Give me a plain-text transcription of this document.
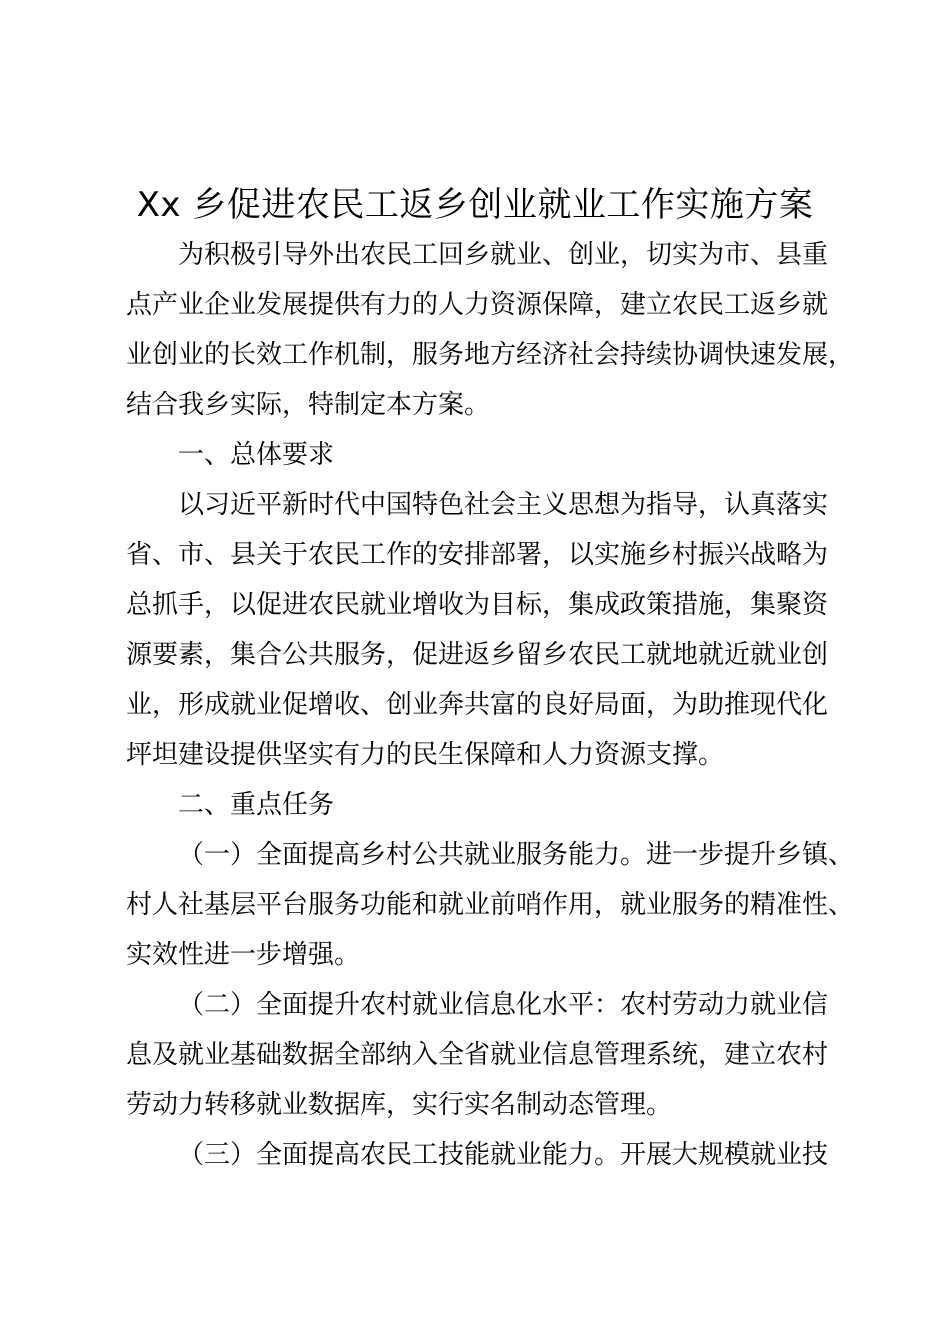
Xx 乡促进农民工返乡创业就业工作实施方案
为积极引导外出农民工回乡就业、创业，切实为市、县重
点产业企业发展提供有力的人力资源保障，建立农民工返乡就
业创业的长效工作机制，服务地方经济社会持续协调快速发展，
结合我乡实际，特制定本方案。
一、总体要求
以习近平新时代中国特色社会主义思想为指导，认真落实
省、市、县关于农民工作的安排部署，以实施乡村振兴战略为
总抓手，以促进农民就业增收为目标，集成政策措施，集聚资
源要素，集合公共服务，促进返乡留乡农民工就地就近就业创
业，形成就业促增收、创业奔共富的良好局面，为助推现代化
坪坦建设提供坚实有力的民生保障和人力资源支撑。
二、重点任务
（一）全面提高乡村公共就业服务能力。进一步提升乡镇、
村人社基层平台服务功能和就业前哨作用，就业服务的精准性、
实效性进一步增强。
（二）全面提升农村就业信息化水平：农村劳动力就业信
息及就业基础数据全部纳入全省就业信息管理系统，建立农村
劳动力转移就业数据库，实行实名制动态管理。
（三）全面提高农民工技能就业能力。开展大规模就业技
